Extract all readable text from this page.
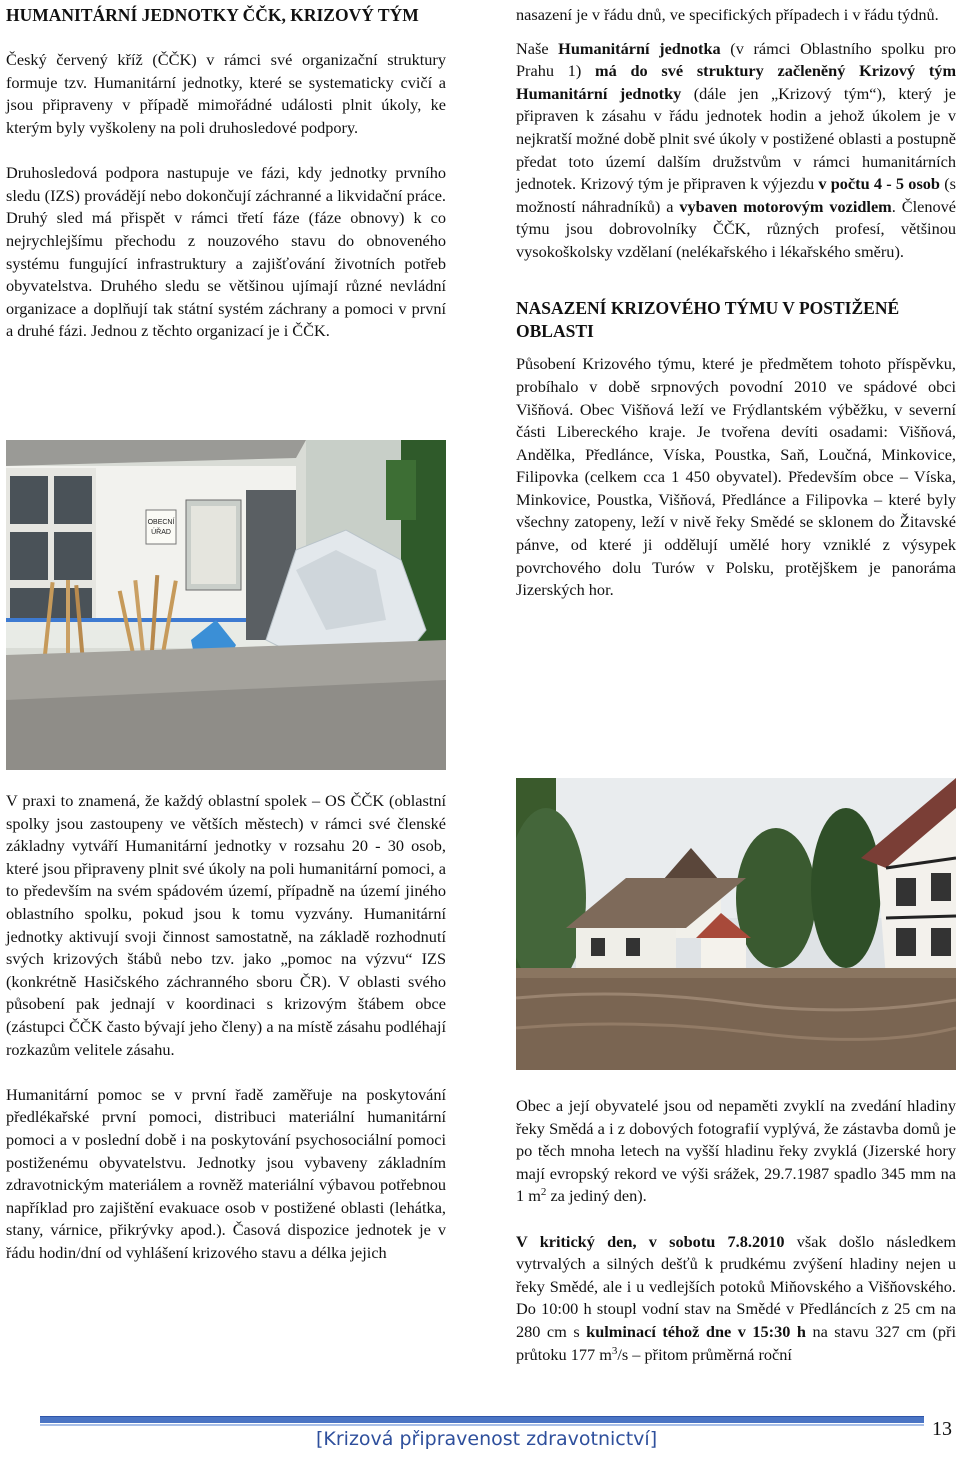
HUMANITÁRNÍ JEDNOTKY ČČK, KRIZOVÝ TÝM

Český červený kříž (ČČK) v rámci své organizační struktury formuje tzv. Humanitární jednotky, které se systematicky cvičí a jsou připraveny v případě mimořádné události plnit úkoly, ke kterým byly vyškoleny na poli druhosledové podpory.

Druhosledová podpora nastupuje ve fázi, kdy jednotky prvního sledu (IZS) provádějí nebo dokončují záchranné a likvidační práce. Druhý sled má přispět v rámci třetí fáze (fáze obnovy) k co nejrychlejšímu přechodu z nouzového stavu do obnoveného systému fungující infrastruktury a zajišťování životních potřeb obyvatelstva. Druhého sledu se většinou ujímají různé nevládní organizace a doplňují tak státní systém záchrany a pomoci v první a druhé fázi. Jednou z těchto organizací je i ČČK.

OBECNÍ
ÚŘAD

V praxi to znamená, že každý oblastní spolek – OS ČČK (oblastní spolky jsou zastoupeny ve větších městech) v rámci své členské základny vytváří Humanitární jednotky v rozsahu 20 - 30 osob, které jsou připraveny plnit své úkoly na poli humanitární pomoci, a to především na svém spádovém území, případně na území jiného oblastního spolku, pokud jsou k tomu vyzvány. Humanitární jednotky aktivují svoji činnost samostatně, na základě rozhodnutí svých krizových štábů nebo tzv. jako „pomoc na výzvu“ IZS (konkrétně Hasičského záchranného sboru ČR). V oblasti svého působení pak jednají v koordinaci s krizovým štábem obce (zástupci ČČK často bývají jeho členy) a na místě zásahu podléhají rozkazům velitele zásahu.

Humanitární pomoc se v první řadě zaměřuje na poskytování předlékařské první pomoci, distribuci materiální humanitární pomoci a v poslední době i na poskytování psychosociální pomoci postiženému obyvatelstvu. Jednotky jsou vybaveny základním zdravotnickým materiálem a rovněž materiální výbavou potřebnou například pro zajištění evakuace osob v postižené oblasti (lehátka, stany, várnice, přikrývky apod.). Časová dispozice jednotek je v řádu hodin/dní od vyhlášení krizového stavu a délka jejich

nasazení je v řádu dnů, ve specifických případech i v řádu týdnů.

Naše Humanitární jednotka (v rámci Oblastního spolku pro Prahu 1) má do své struktury začleněný Krizový tým Humanitární jednotky (dále jen „Krizový tým“), který je připraven k zásahu v řádu jednotek hodin a jehož úkolem je v nejkratší možné době plnit své úkoly v postižené oblasti a postupně předat toto území dalším družstvům v rámci humanitárních jednotek. Krizový tým je připraven k výjezdu v počtu 4 - 5 osob (s možností náhradníků) a vybaven motorovým vozidlem. Členové týmu jsou dobrovolníky ČČK, různých profesí, většinou vysokoškolsky vzdělaní (nelékařského i lékařského směru).

NASAZENÍ KRIZOVÉHO TÝMU V POSTIŽENÉ OBLASTI

Působení Krizového týmu, které je předmětem tohoto příspěvku, probíhalo v době srpnových povodní 2010 ve spádové obci Višňová. Obec Višňová leží ve Frýdlantském výběžku, v severní části Libereckého kraje. Je tvořena devíti osadami: Višňová, Andělka, Předlánce, Víska, Poustka, Saň, Loučná, Minkovice, Filipovka (celkem cca 1 450 obyvatel). Především obce – Víska, Minkovice, Poustka, Višňová, Předlánce a Filipovka – které byly všechny zatopeny, leží v nivě řeky Smědé se sklonem do Žitavské pánve, od které ji oddělují umělé hory vzniklé z výsypek povrchového dolu Turów v Polsku, protějškem je panoráma Jizerských hor.

Obec a její obyvatelé jsou od nepaměti zvyklí na zvedání hladiny řeky Smědá a i z dobových fotografií vyplývá, že zástavba domů je po těch mnoha letech na vyšší hladinu řeky zvyklá (Jizerské hory mají evropský rekord ve výši srážek, 29.7.1987 spadlo 345 mm na 1 $m^2$ za jediný den).

V kritický den, v sobotu 7.8.2010 však došlo následkem vytrvalých a silných dešťů k prudkému zvýšení hladiny nejen u řeky Smědé, ale i u vedlejších potoků Miňovského a Višňovského. Do 10:00 h stoupl vodní stav na Smědé v Předláncích z 25 cm na 280 cm s kulminací téhož dne v 15:30 h na stavu 327 cm (při průtoku 177 $m^3/s$ – přitom průměrná roční

[Krizová připravenost zdravotnictví]	13
